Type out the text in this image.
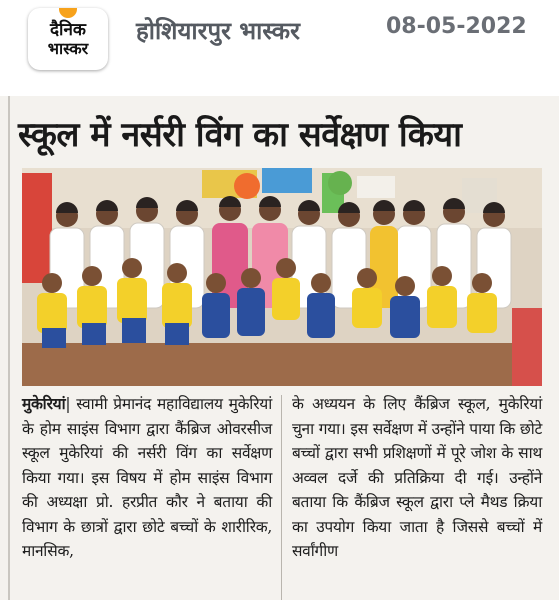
दैनिक
भास्कर
होशियारपुर भास्कर	08-05-2022
स्कूल में नर्सरी विंग का सर्वेक्षण किया
मुकेरियां| स्वामी प्रेमानंद महाविद्यालय मुकेरियां के होम साइंस विभाग द्वारा कैंब्रिज ओवरसीज स्कूल मुकेरियां की नर्सरी विंग का सर्वेक्षण किया गया। इस विषय में होम साइंस विभाग की अध्यक्षा प्रो. हरप्रीत कौर ने बताया की विभाग के छात्रों द्वारा छोटे बच्चों के शारीरिक, मानसिक,
के अध्ययन के लिए कैंब्रिज स्कूल, मुकेरियां चुना गया। इस सर्वेक्षण में उन्होंने पाया कि छोटे बच्चों द्वारा सभी प्रशिक्षणों में पूरे जोश के साथ अव्वल दर्जे की प्रतिक्रिया दी गई। उन्होंने बताया कि कैंब्रिज स्कूल द्वारा प्ले मैथड क्रिया का उपयोग किया जाता है जिससे बच्चों में सर्वांगीण
